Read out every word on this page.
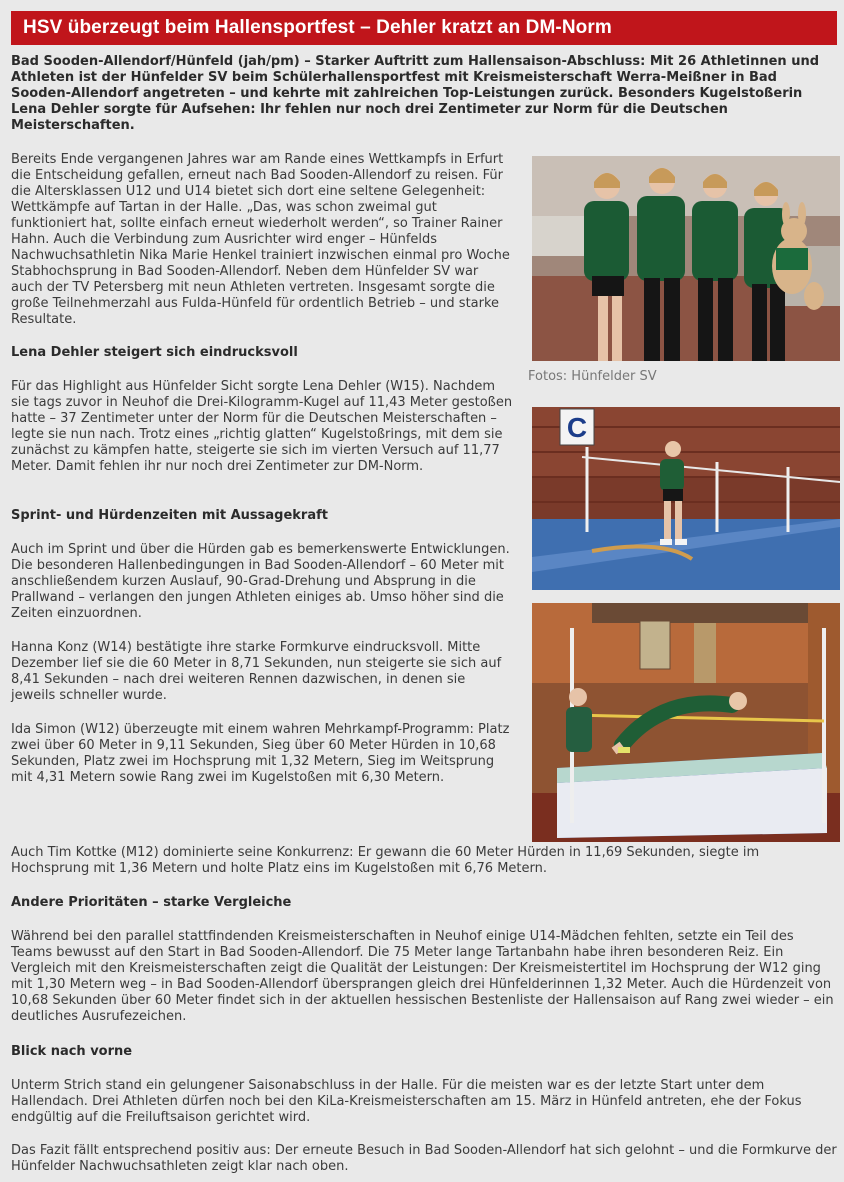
HSV überzeugt beim Hallensportfest – Dehler kratzt an DM-Norm

Bad Sooden-Allendorf/Hünfeld (jah/pm) – Starker Auftritt zum Hallensaison-Abschluss: Mit 26 Athletinnen und Athleten ist der Hünfelder SV beim Schülerhallensportfest mit Kreismeisterschaft Werra-Meißner in Bad Sooden-Allendorf angetreten – und kehrte mit zahlreichen Top-Leistungen zurück. Besonders Kugelstoßerin Lena Dehler sorgte für Aufsehen: Ihr fehlen nur noch drei Zentimeter zur Norm für die Deutschen Meisterschaften.

Bereits Ende vergangenen Jahres war am Rande eines Wettkampfs in Erfurt die Entscheidung gefallen, erneut nach Bad Sooden-Allendorf zu reisen. Für die Altersklassen U12 und U14 bietet sich dort eine seltene Gelegenheit: Wettkämpfe auf Tartan in der Halle. „Das, was schon zweimal gut funktioniert hat, sollte einfach erneut wiederholt werden“, so Trainer Rainer Hahn. Auch die Verbindung zum Ausrichter wird enger – Hünfelds Nachwuchsathletin Nika Marie Henkel trainiert inzwischen einmal pro Woche Stabhochsprung in Bad Sooden-Allendorf. Neben dem Hünfelder SV war auch der TV Petersberg mit neun Athleten vertreten. Insgesamt sorgte die große Teilnehmerzahl aus Fulda-Hünfeld für ordentlich Betrieb – und starke Resultate.

Lena Dehler steigert sich eindrucksvoll

Für das Highlight aus Hünfelder Sicht sorgte Lena Dehler (W15). Nachdem sie tags zuvor in Neuhof die Drei-Kilogramm-Kugel auf 11,43 Meter gestoßen hatte – 37 Zentimeter unter der Norm für die Deutschen Meisterschaften – legte sie nun nach. Trotz eines „richtig glatten“ Kugelstoßrings, mit dem sie zunächst zu kämpfen hatte, steigerte sie sich im vierten Versuch auf 11,77 Meter. Damit fehlen ihr nur noch drei Zentimeter zur DM-Norm.

Sprint- und Hürdenzeiten mit Aussagekraft

Auch im Sprint und über die Hürden gab es bemerkenswerte Entwicklungen. Die besonderen Hallenbedingungen in Bad Sooden-Allendorf – 60 Meter mit anschließendem kurzen Auslauf, 90-Grad-Drehung und Absprung in die Prallwand – verlangen den jungen Athleten einiges ab. Umso höher sind die Zeiten einzuordnen.

Hanna Konz (W14) bestätigte ihre starke Formkurve eindrucksvoll. Mitte Dezember lief sie die 60 Meter in 8,71 Sekunden, nun steigerte sie sich auf 8,41 Sekunden – nach drei weiteren Rennen dazwischen, in denen sie jeweils schneller wurde.

Ida Simon (W12) überzeugte mit einem wahren Mehrkampf-Programm: Platz zwei über 60 Meter in 9,11 Sekunden, Sieg über 60 Meter Hürden in 10,68 Sekunden, Platz zwei im Hochsprung mit 1,32 Metern, Sieg im Weitsprung mit 4,31 Metern sowie Rang zwei im Kugelstoßen mit 6,30 Metern.

Auch Tim Kottke (M12) dominierte seine Konkurrenz: Er gewann die 60 Meter Hürden in 11,69 Sekunden, siegte im Hochsprung mit 1,36 Metern und holte Platz eins im Kugelstoßen mit 6,76 Metern.

Andere Prioritäten – starke Vergleiche

Während bei den parallel stattfindenden Kreismeisterschaften in Neuhof einige U14-Mädchen fehlten, setzte ein Teil des Teams bewusst auf den Start in Bad Sooden-Allendorf. Die 75 Meter lange Tartanbahn habe ihren besonderen Reiz. Ein Vergleich mit den Kreismeisterschaften zeigt die Qualität der Leistungen: Der Kreismeistertitel im Hochsprung der W12 ging mit 1,30 Metern weg – in Bad Sooden-Allendorf übersprangen gleich drei Hünfelderinnen 1,32 Meter. Auch die Hürdenzeit von 10,68 Sekunden über 60 Meter findet sich in der aktuellen hessischen Bestenliste der Hallensaison auf Rang zwei wieder – ein deutliches Ausrufezeichen.

Blick nach vorne

Unterm Strich stand ein gelungener Saisonabschluss in der Halle. Für die meisten war es der letzte Start unter dem Hallendach. Drei Athleten dürfen noch bei den KiLa-Kreismeisterschaften am 15. März in Hünfeld antreten, ehe der Fokus endgültig auf die Freiluftsaison gerichtet wird.

Das Fazit fällt entsprechend positiv aus: Der erneute Besuch in Bad Sooden-Allendorf hat sich gelohnt – und die Formkurve der Hünfelder Nachwuchsathleten zeigt klar nach oben.

Fotos: Hünfelder SV

C
